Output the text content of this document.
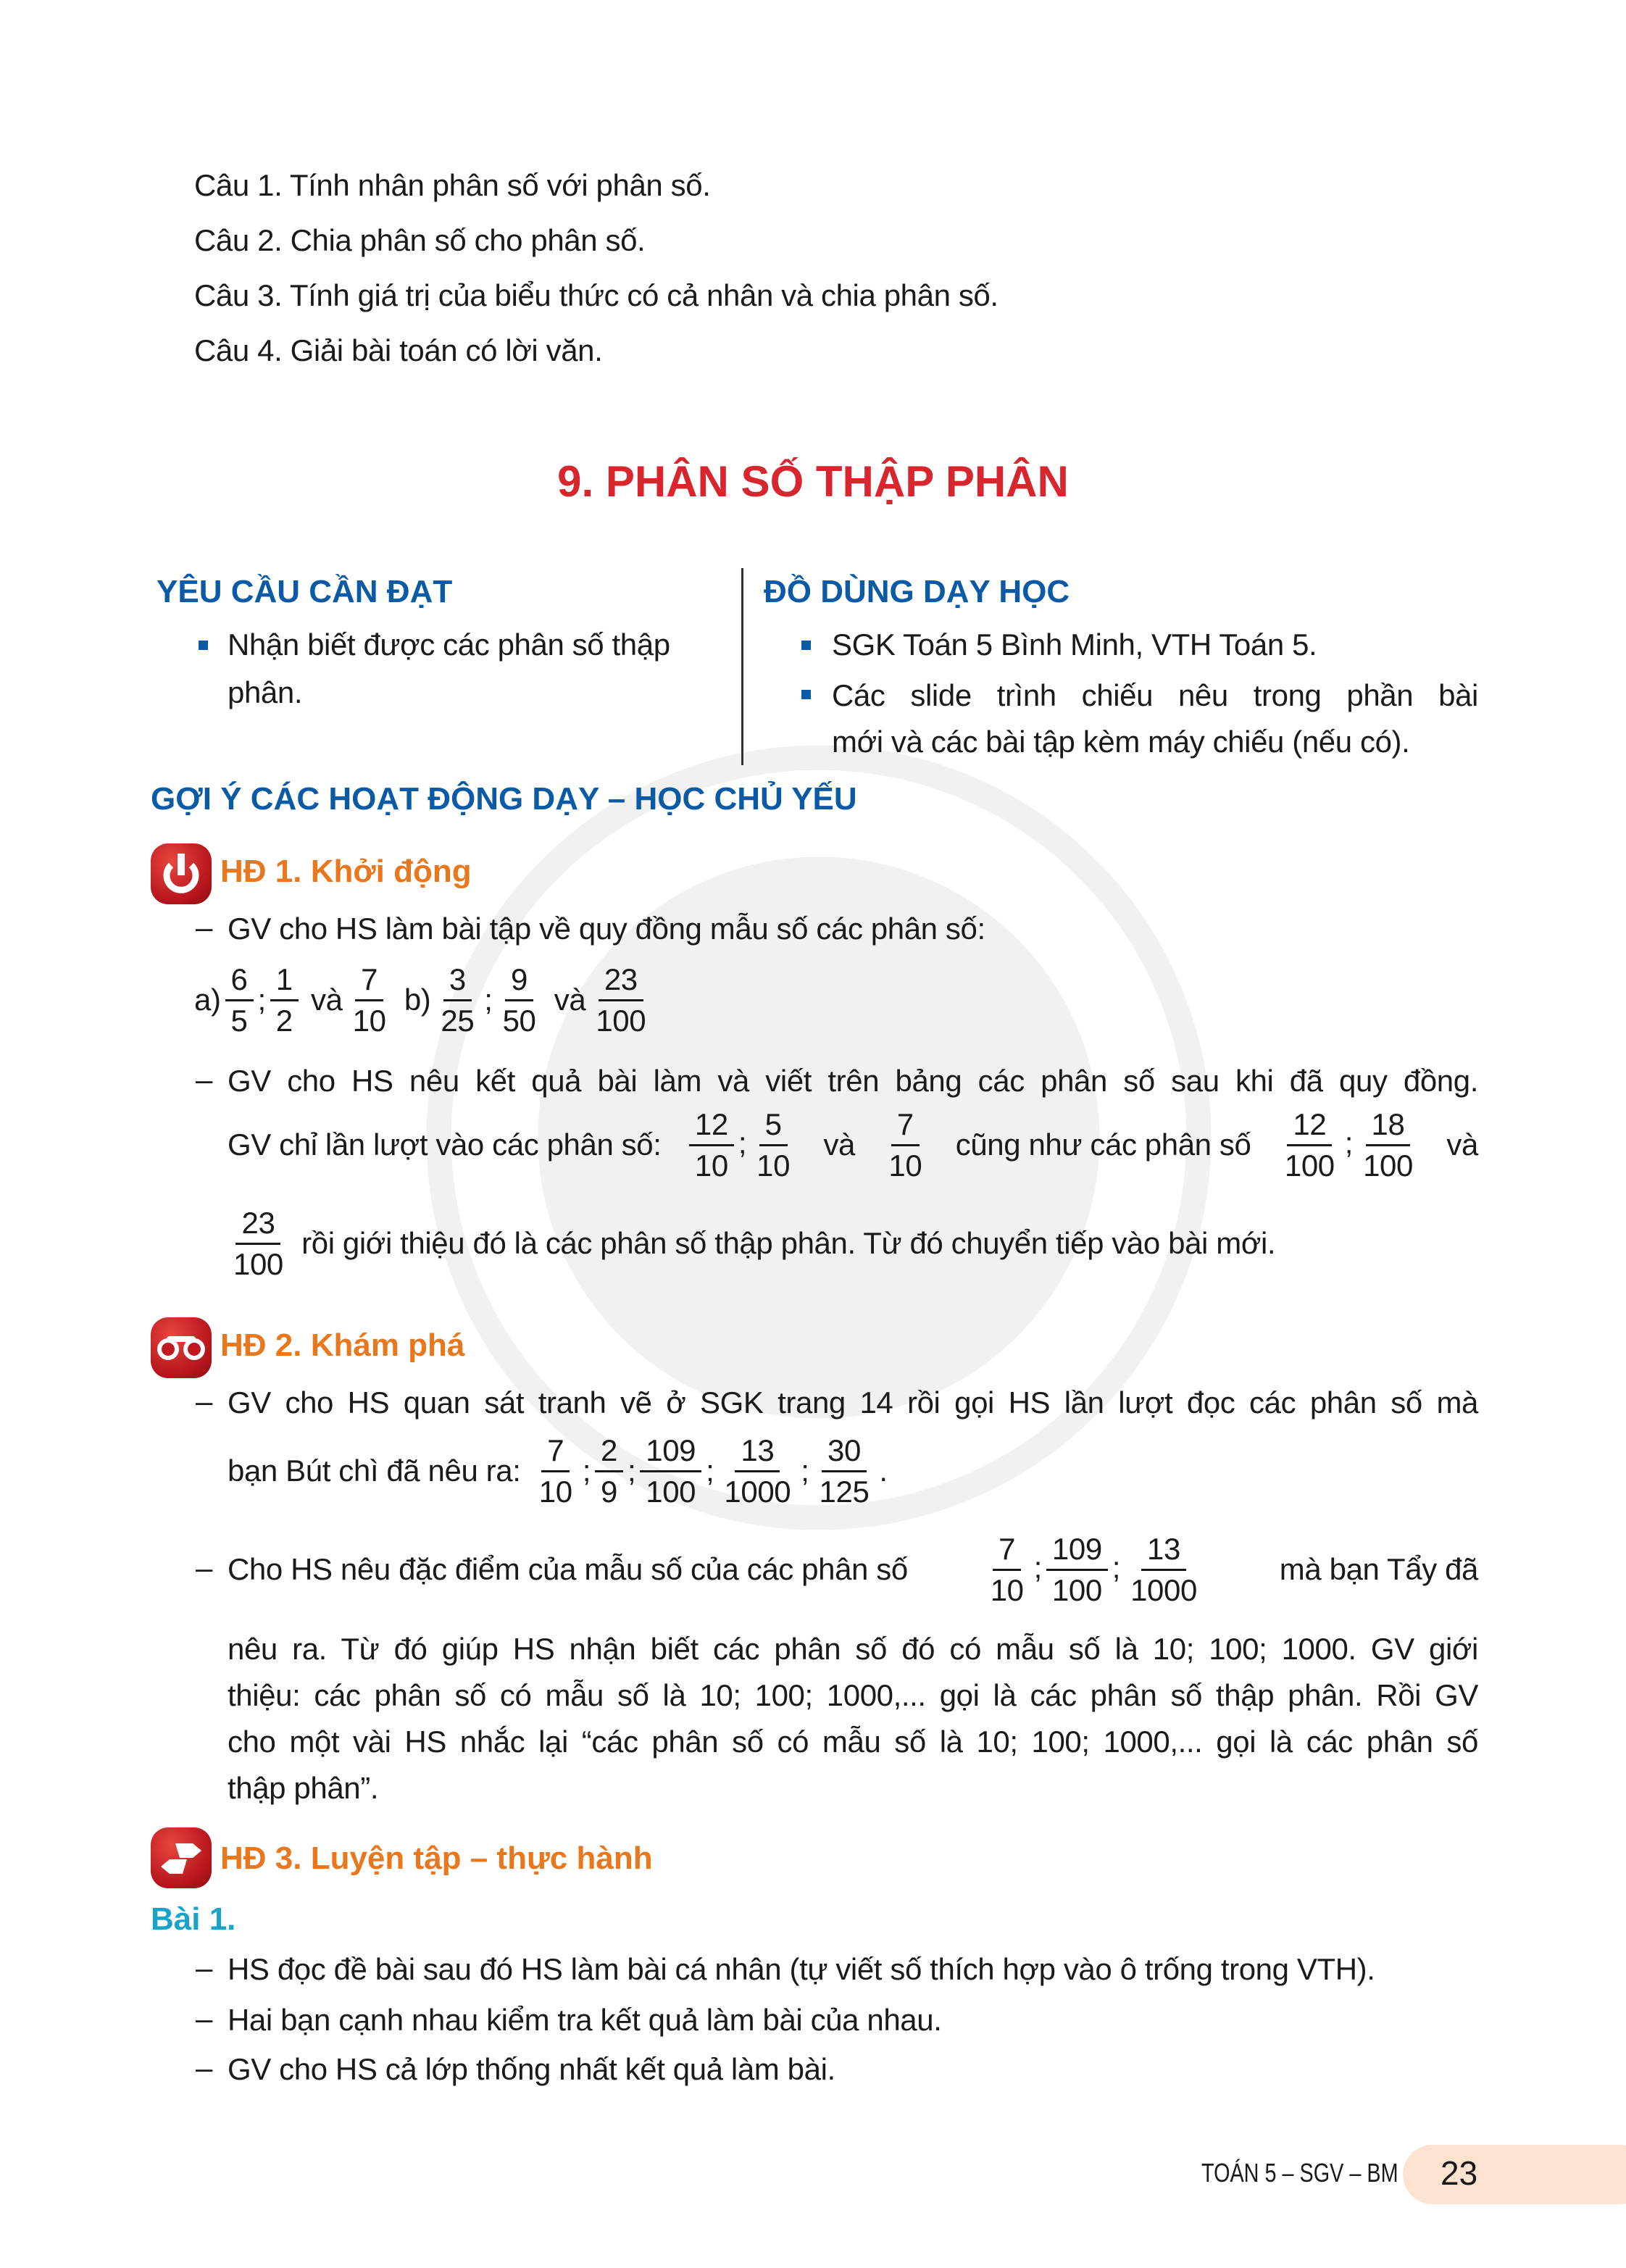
Câu 1. Tính nhân phân số với phân số.
Câu 2. Chia phân số cho phân số.
Câu 3. Tính giá trị của biểu thức có cả nhân và chia phân số.
Câu 4. Giải bài toán có lời văn.
9. PHÂN SỐ THẬP PHÂN
YÊU CẦU CẦN ĐẠT
Nhận biết được các phân số thập
phân.
ĐỒ DÙNG DẠY HỌC
SGK Toán 5 Bình Minh, VTH Toán 5.
Các slide trình chiếu nêu trong phần bài
mới và các bài tập kèm máy chiếu (nếu có).
GỢI Ý CÁC HOẠT ĐỘNG DẠY – HỌC CHỦ YẾU
HĐ 1. Khởi động
– GV cho HS làm bài tập về quy đồng mẫu số các phân số:
$a) \frac{6}{5}$ ; $\frac{1}{2}$
và $\frac{7}{10}$
$b) \frac{3}{25}$ ; $\frac{9}{50}$
và $\frac{23}{100}$
– GV cho HS nêu kết quả bài làm và viết trên bảng các phân số sau khi đã quy đồng.
GV chỉ lần lượt vào các phân số: $\frac{12}{10}$ ; $\frac{5}{10}$ và $\frac{7}{10}$ cũng như các phân số $\frac{12}{100}$ ; $\frac{18}{100}$ và
$\frac{23}{100}$
rồi giới thiệu đó là các phân số thập phân. Từ đó chuyển tiếp vào bài mới.
HĐ 2. Khám phá
– GV cho HS quan sát tranh vẽ ở SGK trang 14 rồi gọi HS lần lượt đọc các phân số mà
bạn Bút chì đã nêu ra:
$\frac{7}{10}$ ; $\frac{2}{9}$ ; $\frac{109}{100}$ ; $\frac{13}{1000}$ ; $\frac{30}{125}$ .
– Cho HS nêu đặc điểm của mẫu số của các phân số	$\frac{7}{10}$ ; $\frac{109}{100}$ ; $\frac{13}{1000}$	mà bạn Tẩy đã
nêu ra. Từ đó giúp HS nhận biết các phân số đó có mẫu số là 10; 100; 1000. GV giới
thiệu: các phân số có mẫu số là 10; 100; 1000,... gọi là các phân số thập phân. Rồi GV
cho một vài HS nhắc lại “các phân số có mẫu số là 10; 100; 1000,... gọi là các phân số
thập phân”.
HĐ 3. Luyện tập – thực hành
Bài 1.
– HS đọc đề bài sau đó HS làm bài cá nhân (tự viết số thích hợp vào ô trống trong VTH).
– Hai bạn cạnh nhau kiểm tra kết quả làm bài của nhau.
– GV cho HS cả lớp thống nhất kết quả làm bài.
TOÁN 5 – SGV – BM 23
